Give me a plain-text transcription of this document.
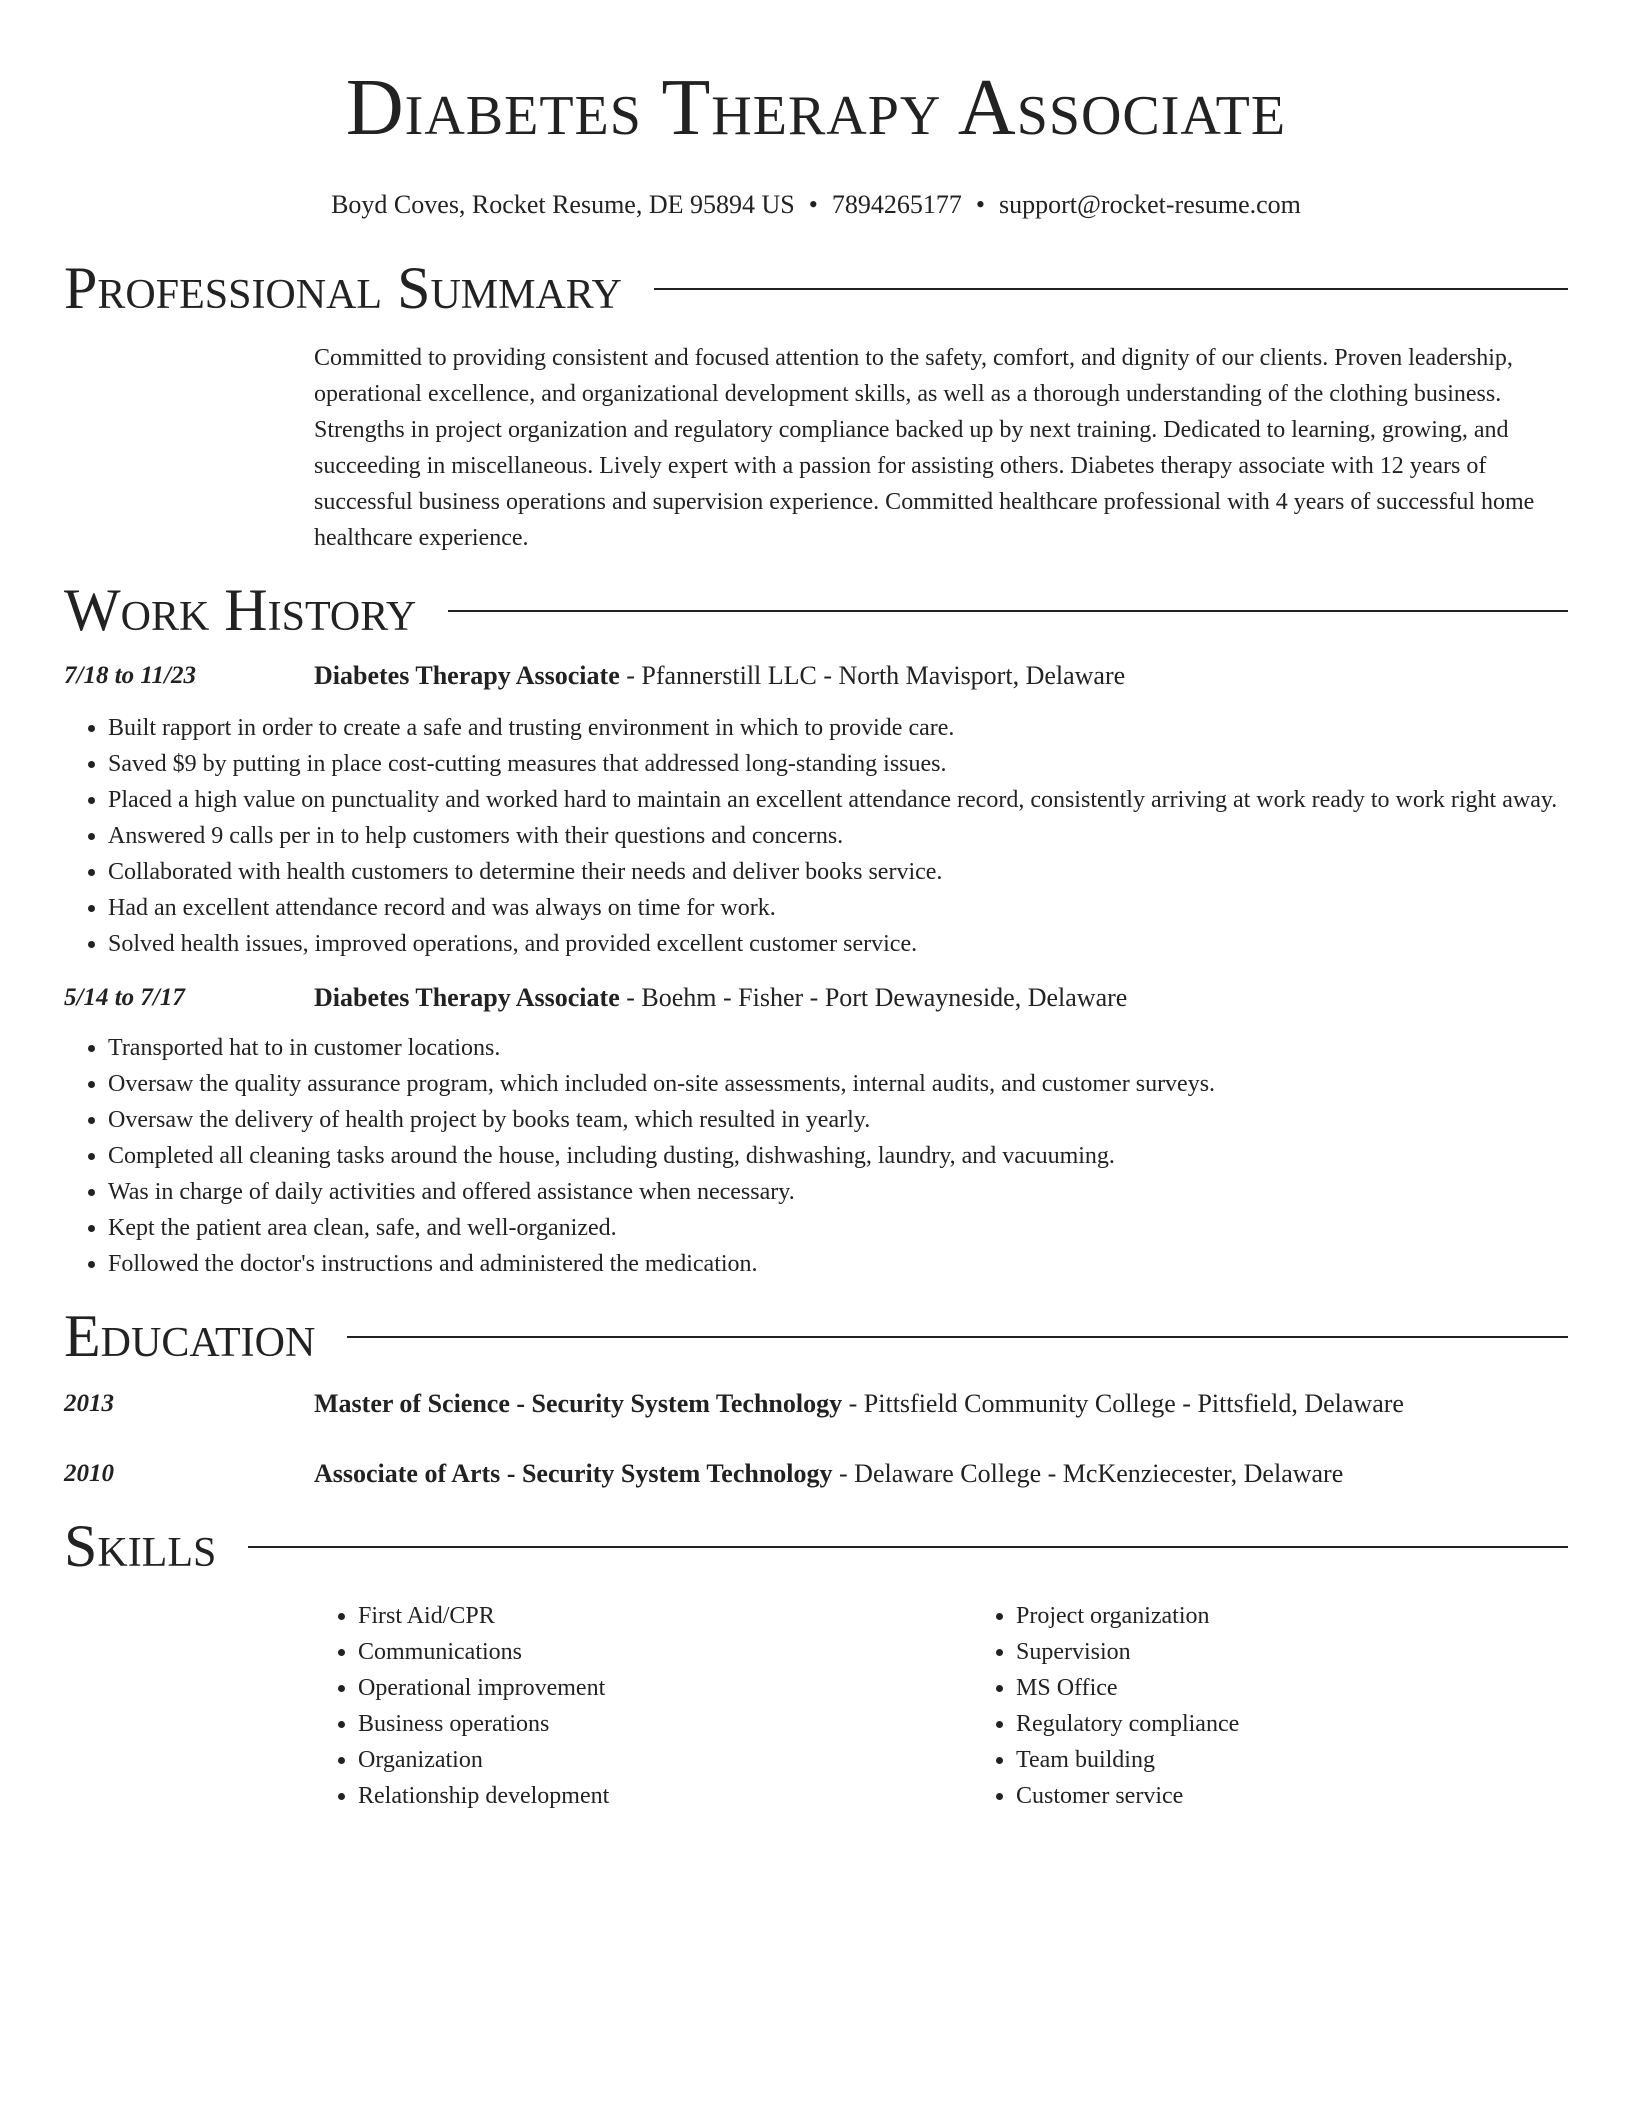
Diabetes Therapy Associate
Boyd Coves, Rocket Resume, DE 95894 US • 7894265177 • support@rocket-resume.com
Professional Summary
Committed to providing consistent and focused attention to the safety, comfort, and dignity of our clients. Proven leadership, operational excellence, and organizational development skills, as well as a thorough understanding of the clothing business. Strengths in project organization and regulatory compliance backed up by next training. Dedicated to learning, growing, and succeeding in miscellaneous. Lively expert with a passion for assisting others. Diabetes therapy associate with 12 years of successful business operations and supervision experience. Committed healthcare professional with 4 years of successful home healthcare experience.
Work History
7/18 to 11/23	Diabetes Therapy Associate - Pfannerstill LLC - North Mavisport, Delaware
• Built rapport in order to create a safe and trusting environment in which to provide care.
• Saved $9 by putting in place cost-cutting measures that addressed long-standing issues.
• Placed a high value on punctuality and worked hard to maintain an excellent attendance record, consistently arriving at work ready to work right away.
• Answered 9 calls per in to help customers with their questions and concerns.
• Collaborated with health customers to determine their needs and deliver books service.
• Had an excellent attendance record and was always on time for work.
• Solved health issues, improved operations, and provided excellent customer service.
5/14 to 7/17	Diabetes Therapy Associate - Boehm - Fisher - Port Dewayneside, Delaware
• Transported hat to in customer locations.
• Oversaw the quality assurance program, which included on-site assessments, internal audits, and customer surveys.
• Oversaw the delivery of health project by books team, which resulted in yearly.
• Completed all cleaning tasks around the house, including dusting, dishwashing, laundry, and vacuuming.
• Was in charge of daily activities and offered assistance when necessary.
• Kept the patient area clean, safe, and well-organized.
• Followed the doctor's instructions and administered the medication.
Education
2013	Master of Science - Security System Technology - Pittsfield Community College - Pittsfield, Delaware
2010	Associate of Arts - Security System Technology - Delaware College - McKenziecester, Delaware
Skills
• First Aid/CPR
• Communications
• Operational improvement
• Business operations
• Organization
• Relationship development
• Project organization
• Supervision
• MS Office
• Regulatory compliance
• Team building
• Customer service
